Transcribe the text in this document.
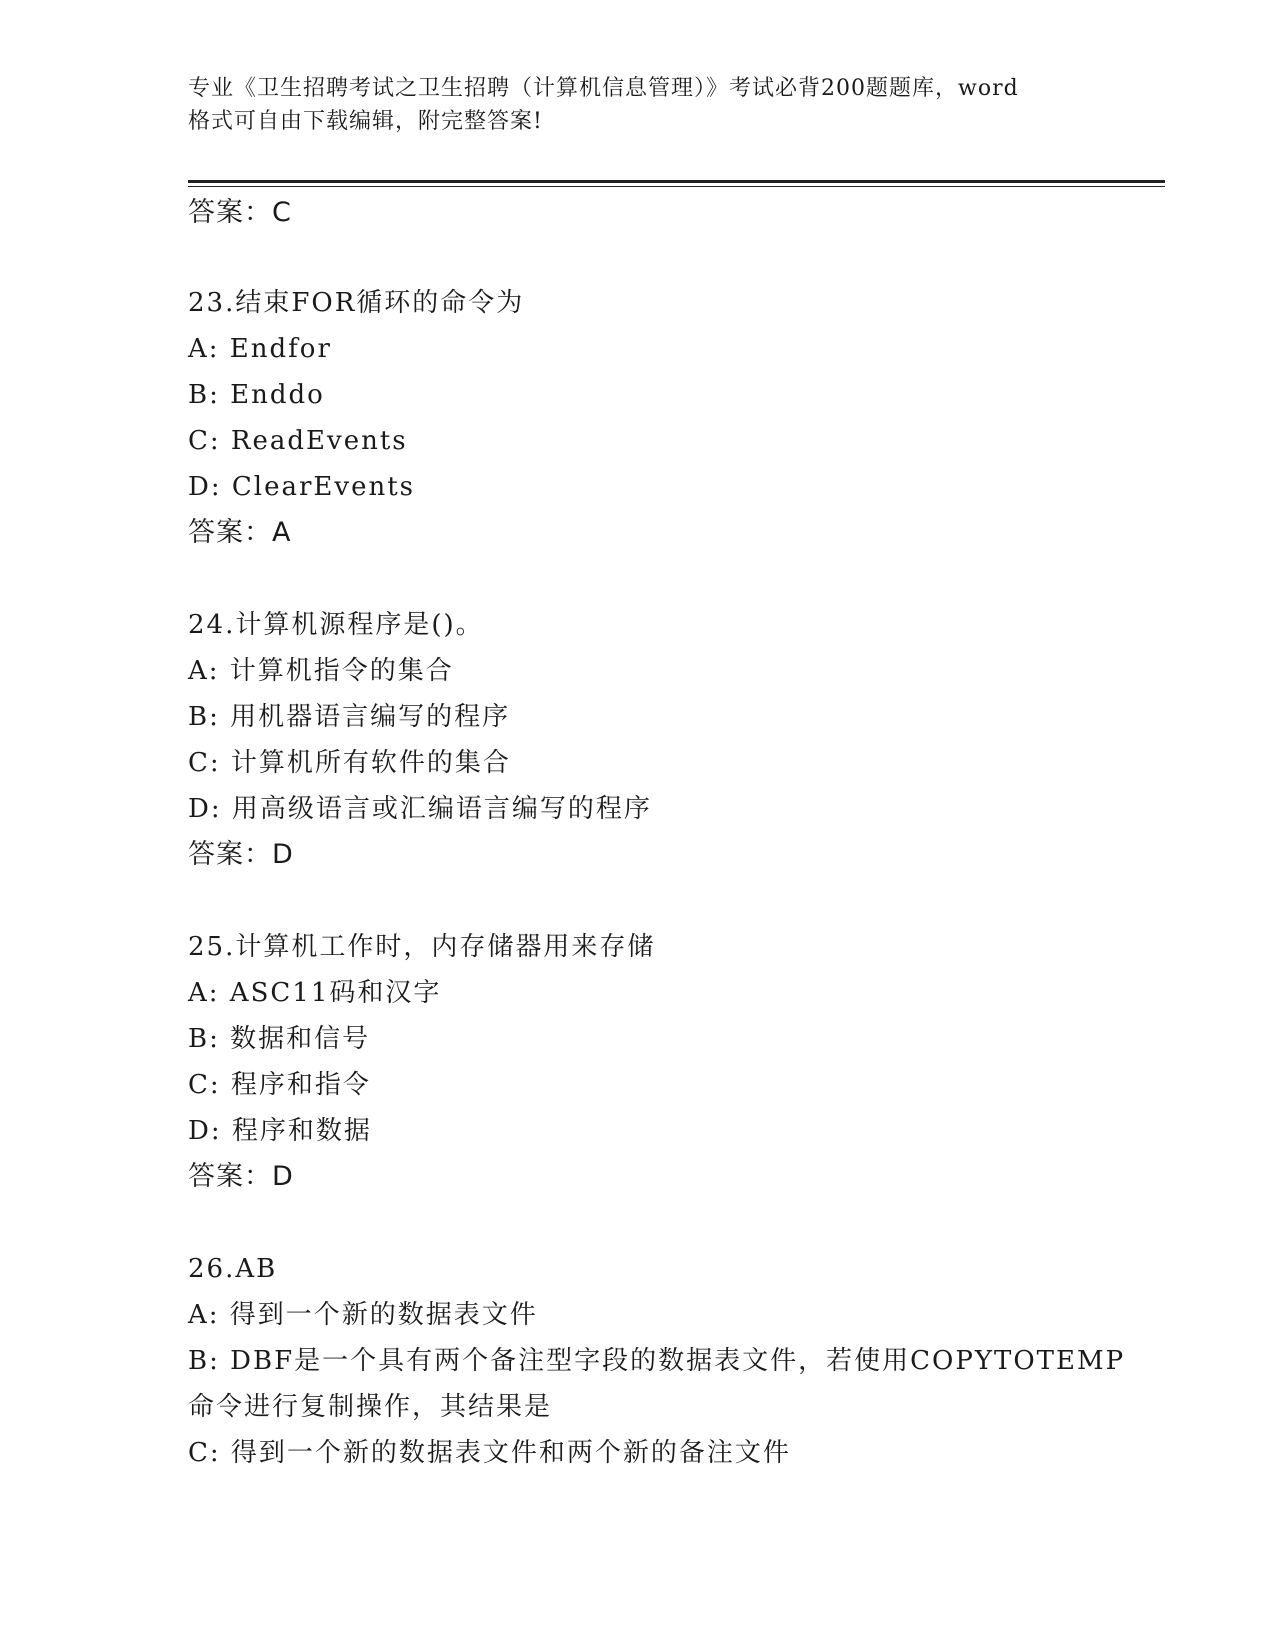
专业《卫生招聘考试之卫生招聘（计算机信息管理）》考试必背200题题库，word
格式可自由下载编辑，附完整答案!
答案：C
23.结束FOR循环的命令为
A: Endfor
B: Enddo
C: ReadEvents
D: ClearEvents
答案：A
24.计算机源程序是()。
A: 计算机指令的集合
B: 用机器语言编写的程序
C: 计算机所有软件的集合
D: 用高级语言或汇编语言编写的程序
答案：D
25.计算机工作时，内存储器用来存储
A: ASC11码和汉字
B: 数据和信号
C: 程序和指令
D: 程序和数据
答案：D
26.AB
A: 得到一个新的数据表文件
B: DBF是一个具有两个备注型字段的数据表文件，若使用COPYTOTEMP
命令进行复制操作，其结果是
C: 得到一个新的数据表文件和两个新的备注文件
